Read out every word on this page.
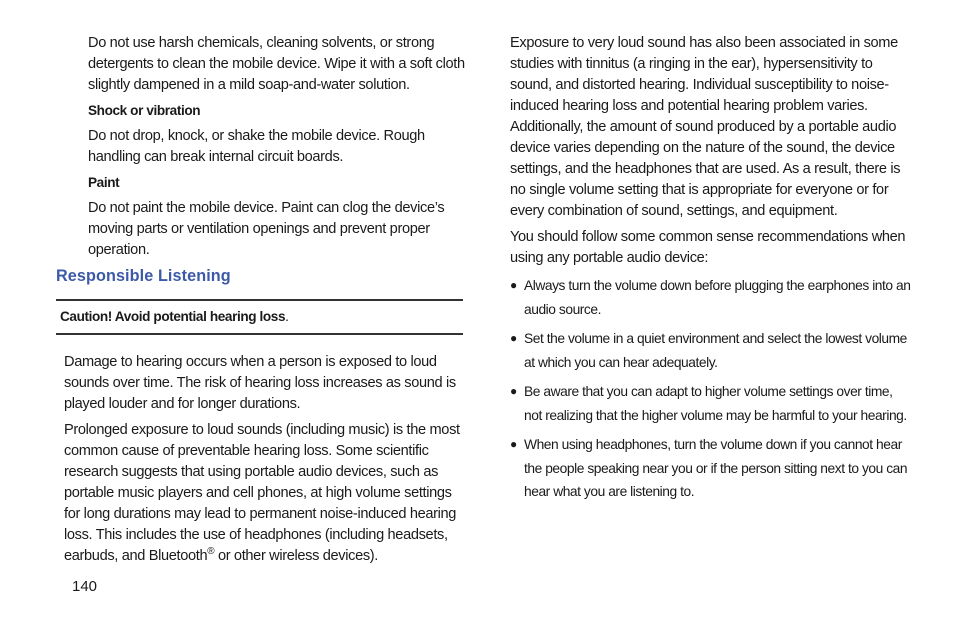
Do not use harsh chemicals, cleaning solvents, or strong detergents to clean the mobile device. Wipe it with a soft cloth slightly dampened in a mild soap-and-water solution.

Shock or vibration

Do not drop, knock, or shake the mobile device. Rough handling can break internal circuit boards.

Paint

Do not paint the mobile device. Paint can clog the device’s moving parts or ventilation openings and prevent proper operation.

Responsible Listening

Caution! Avoid potential hearing loss.

Damage to hearing occurs when a person is exposed to loud sounds over time. The risk of hearing loss increases as sound is played louder and for longer durations.

Prolonged exposure to loud sounds (including music) is the most common cause of preventable hearing loss. Some scientific research suggests that using portable audio devices, such as portable music players and cell phones, at high volume settings for long durations may lead to permanent noise-induced hearing loss. This includes the use of headphones (including headsets, earbuds, and Bluetooth® or other wireless devices).

Exposure to very loud sound has also been associated in some studies with tinnitus (a ringing in the ear), hypersensitivity to sound, and distorted hearing. Individual susceptibility to noise-induced hearing loss and potential hearing problem varies. Additionally, the amount of sound produced by a portable audio device varies depending on the nature of the sound, the device settings, and the headphones that are used. As a result, there is no single volume setting that is appropriate for everyone or for every combination of sound, settings, and equipment.

You should follow some common sense recommendations when using any portable audio device:

● Always turn the volume down before plugging the earphones into an audio source.
● Set the volume in a quiet environment and select the lowest volume at which you can hear adequately.
● Be aware that you can adapt to higher volume settings over time, not realizing that the higher volume may be harmful to your hearing.
● When using headphones, turn the volume down if you cannot hear the people speaking near you or if the person sitting next to you can hear what you are listening to.
140
